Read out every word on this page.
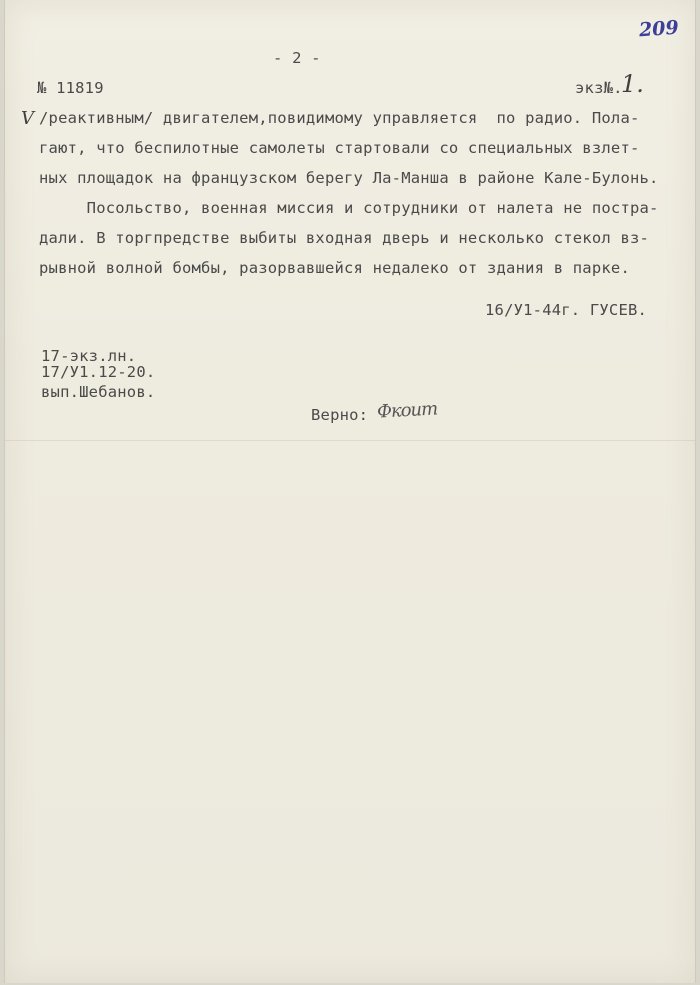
209
- 2 -
№ 11819	экз№.
1.
V /реактивным/ двигателем,повидимому управляется  по радио. Пола-
гают, что беспилотные самолеты стартовали со специальных взлет-
ных площадок на французском берегу Ла-Манша в районе Кале-Булонь.
Посольство, военная миссия и сотрудники от налета не постра-
дали. В торгпредстве выбиты входная дверь и несколько стекол вз-
рывной волной бомбы, разорвавшейся недалеко от здания в парке.
16/У1-44г. ГУСЕВ.
17-экз.лн.
17/У1.12-20.
вып.Шебанов.
Верно: Фкоит
